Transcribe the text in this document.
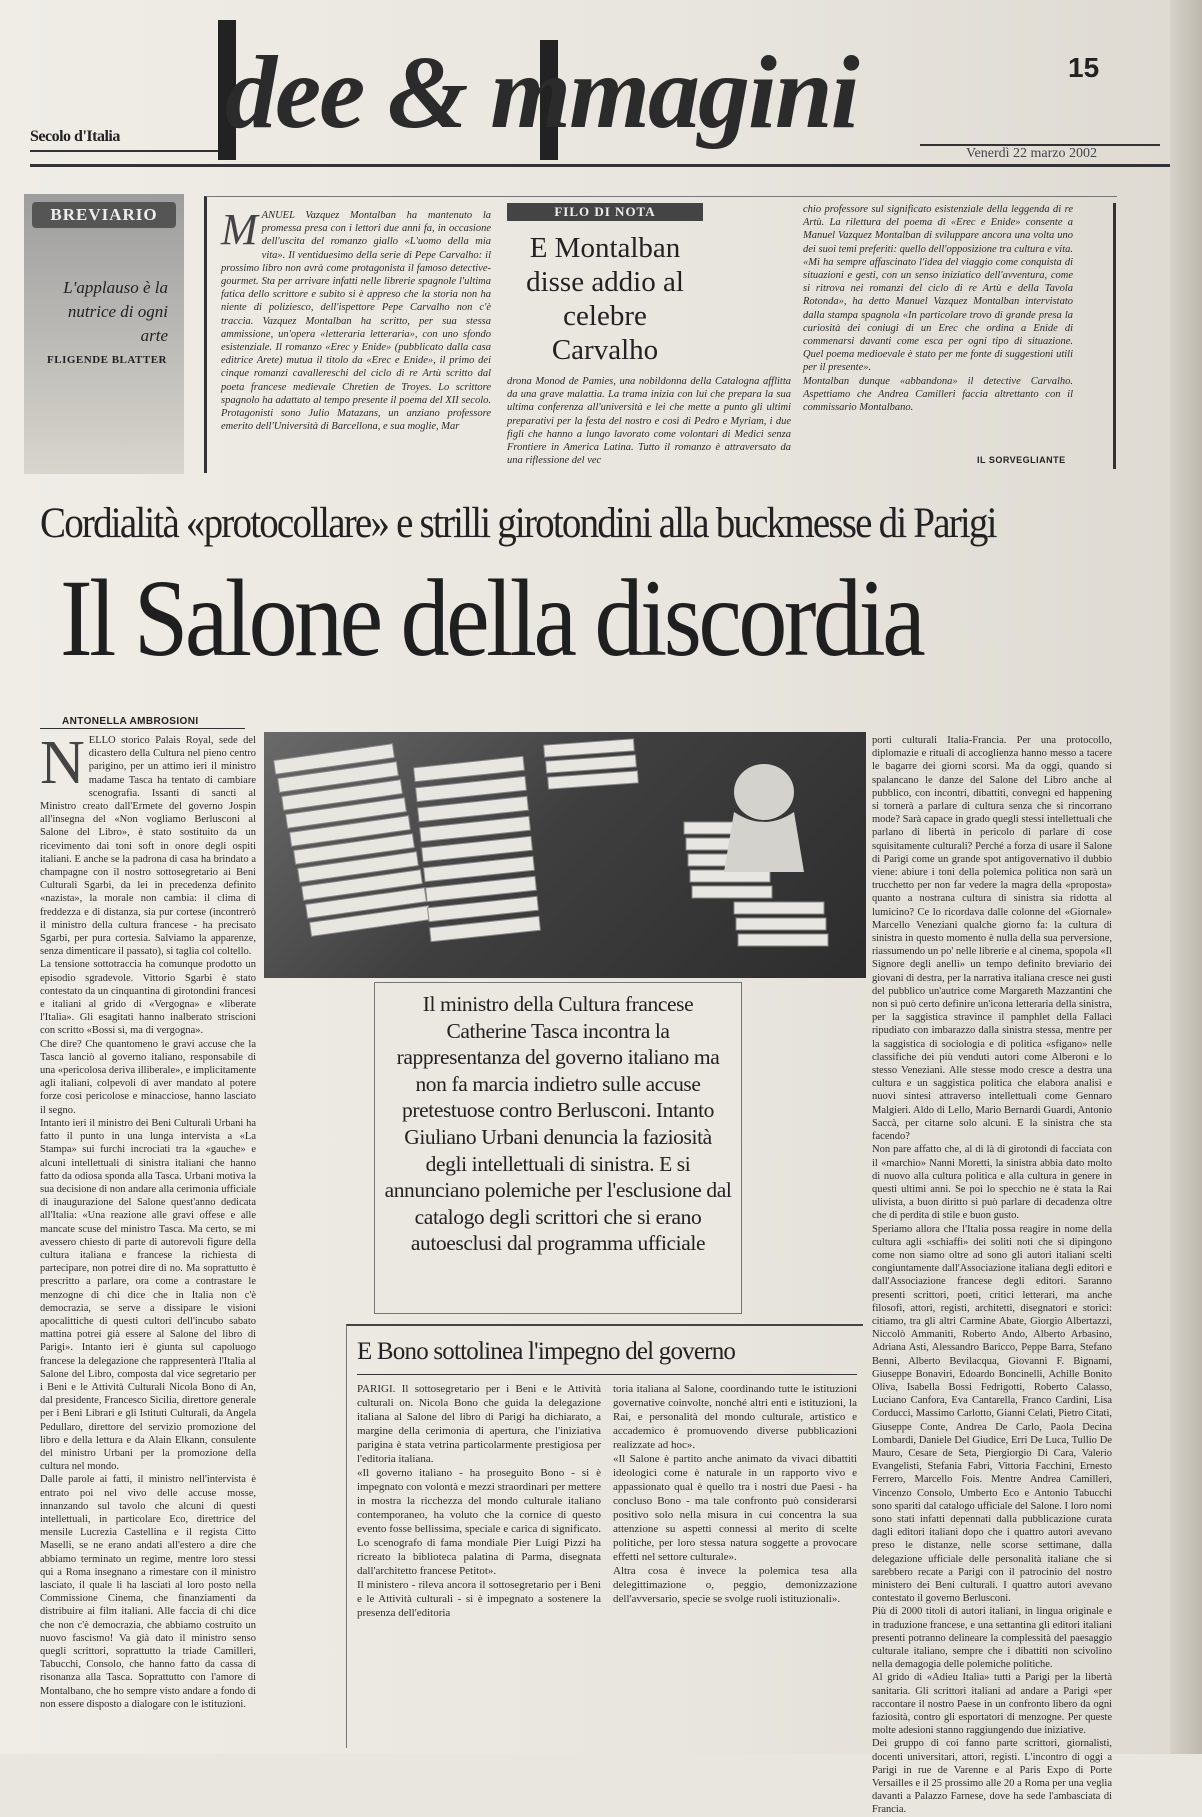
Secolo d'Italia dee & mmagini	15
Venerdì 22 marzo 2002
BREVIARIO
L'applauso è la nutrice di ogni arte
FLIGENDE BLATTER
M ANUEL Vazquez Montalban ha mantenuto la promessa presa con i lettori due anni fa, in occasione dell'uscita del romanzo giallo «L'uomo della mia vita». Il ventiduesimo della serie di Pepe Carvalho: il prossimo libro non avrà come protagonista il famoso detective-gourmet. Sta per arrivare infatti nelle librerie spagnole l'ultima fatica dello scrittore e subito si è appreso che la storia non ha niente di poliziesco, dell'ispettore Pepe Carvalho non c'è traccia. Vazquez Montalban ha scritto, per sua stessa ammissione, un'opera «letteraria letteraria», con uno sfondo esistenziale. Il romanzo «Erec y Enide» (pubblicato dalla casa editrice Arete) mutua il titolo da «Erec e Enide», il primo dei cinque romanzi cavallereschi del ciclo di re Artù scritto dal poeta francese medievale Chretien de Troyes. Lo scrittore spagnolo ha adattato al tempo presente il poema del XII secolo. Protagonisti sono Julio Matazans, un anziano professore emerito dell'Università di Barcellona, e sua moglie, Mar
FILO DI NOTA
E Montalban disse addio al celebre Carvalho
drona Monod de Pamies, una nobildonna della Catalogna afflitta da una grave malattia. La trama inizia con lui che prepara la sua ultima conferenza all'università e lei che mette a punto gli ultimi preparativi per la festa del nostro e così di Pedro e Myriam, i due figli che hanno a lungo lavorato come volontari di Medici senza Frontiere in America Latina. Tutto il romanzo è attraversato da una riflessione del vec
chio professore sul significato esistenziale della leggenda di re Artù. La rilettura del poema di «Erec e Enide» consente a Manuel Vazquez Montalban di sviluppare ancora una volta uno dei suoi temi preferiti: quello dell'opposizione tra cultura e vita. «Mi ha sempre affascinato l'idea del viaggio come conquista di situazioni e gesti, con un senso iniziatico dell'avventura, come si ritrova nei romanzi del ciclo di re Artù e della Tavola Rotonda», ha detto Manuel Vazquez Montalban intervistato dalla stampa spagnola «In particolare trovo di grande presa la curiosità dei coniugi di un Erec che ordina a Enide di commenarsi davanti come esca per ogni tipo di situazione. Quel poema medioevale è stato per me fonte di suggestioni utili per il presente».
Montalban dunque «abbandona» il detective Carvalho. Aspettiamo che Andrea Camilleri faccia altrettanto con il commissario Montalbano.
IL SORVEGLIANTE
Cordialità «protocollare» e strilli girotondini alla buckmesse di Parigi
Il Salone della discordia
ANTONELLA AMBROSIONI
N ELLO storico Palais Royal, sede del dicastero della Cultura nel pieno centro parigino, per un attimo ieri il ministro madame Tasca ha tentato di cambiare scenografia. Issanti di sancti al Ministro creato dall'Ermete del governo Jospin all'insegna del «Non vogliamo Berlusconi al Salone del Libro», è stato sostituito da un ricevimento dai toni soft in onore degli ospiti italiani. E anche se la padrona di casa ha brindato a champagne con il nostro sottosegretario ai Beni Culturali Sgarbi, da lei in precedenza definito «nazista», la morale non cambia: il clima di freddezza e di distanza, sia pur cortese (incontrerò il ministro della cultura francese - ha precisato Sgarbi, per pura cortesia. Salviamo la apparenze, senza dimenticare il passato), si taglia col coltello.
La tensione sottotraccia ha comunque prodotto un episodio sgradevole. Vittorio Sgarbi è stato contestato da un cinquantina di girotondini francesi e italiani al grido di «Vergogna» e «liberate l'Italia». Gli esagitati hanno inalberato striscioni con scritto «Bossi sì, ma di vergogna».
Che dire? Che quantomeno le gravi accuse che la Tasca lanciò al governo italiano, responsabile di una «pericolosa deriva illiberale», e implicitamente agli italiani, colpevoli di aver mandato al potere forze così pericolose e minacciose, hanno lasciato il segno.
Intanto ieri il ministro dei Beni Culturali Urbani ha fatto il punto in una lunga intervista a «La Stampa» sui furchi incrociati tra la «gauche» e alcuni intellettuali di sinistra italiani che hanno fatto da odiosa sponda alla Tasca. Urbani motiva la sua decisione di non andare alla cerimonia ufficiale di inaugurazione del Salone quest'anno dedicata all'Italia: «Una reazione alle gravi offese e alle mancate scuse del ministro Tasca. Ma certo, se mi avessero chiesto di parte di autorevoli figure della cultura italiana e francese la richiesta di partecipare, non potrei dire di no. Ma soprattutto è prescritto a parlare, ora come a contrastare le menzogne di chi dice che in Italia non c'è democrazia, se serve a dissipare le visioni apocalittiche di questi cultori dell'incubo sabato mattina potrei già essere al Salone del libro di Parigi». Intanto ieri è giunta sul capoluogo francese la delegazione che rappresenterà l'Italia al Salone del Libro, composta dal vice segretario per i Beni e le Attività Culturali Nicola Bono di An, dal presidente, Francesco Sicilia, direttore generale per i Beni Librari e gli Istituti Culturali, da Angela Pedullaro, direttore del servizio promozione del libro e della lettura e da Alain Elkann, consulente del ministro Urbani per la promozione della cultura nel mondo.
Dalle parole ai fatti, il ministro nell'intervista è entrato poi nel vivo delle accuse mosse, innanzando sul tavolo che alcuni di questi intellettuali, in particolare Eco, direttrice del mensile Lucrezia Castellina e il regista Citto Maselli, se ne erano andati all'estero a dire che abbiamo terminato un regime, mentre loro stessi qui a Roma insegnano a rimestare con il ministro lasciato, il quale li ha lasciati al loro posto nella Commissione Cinema, che finanziamenti da distribuire ai film italiani. Alle faccia di chi dice che non c'è democrazia, che abbiamo costruito un nuovo fascismo! Va già dato il ministro senso quegli scrittori, soprattutto la triade Camilleri, Tabucchi, Consolo, che hanno fatto da cassa di risonanza alla Tasca. Soprattutto con l'amore di Montalbano, che ho sempre visto andare a fondo di non essere disposto a dialogare con le istituzioni.
Il ministro della Cultura francese Catherine Tasca incontra la rappresentanza del governo italiano ma non fa marcia indietro sulle accuse pretestuose contro Berlusconi. Intanto Giuliano Urbani denuncia la faziosità degli intellettuali di sinistra. E si annunciano polemiche per l'esclusione dal catalogo degli scrittori che si erano autoesclusi dal programma ufficiale
porti culturali Italia-Francia. Per una protocollo, diplomazie e rituali di accoglienza hanno messo a tacere le bagarre dei giorni scorsi. Ma da oggi, quando si spalancano le danze del Salone del Libro anche al pubblico, con incontri, dibattiti, convegni ed happening si tornerà a parlare di cultura senza che si rincorrano mode? Sarà capace in grado quegli stessi intellettuali che parlano di libertà in pericolo di parlare di cose squisitamente culturali? Perché a forza di usare il Salone di Parigi come un grande spot antigovernativo il dubbio viene: abiure i toni della polemica politica non sarà un trucchetto per non far vedere la magra della «proposta» quanto a nostrana cultura di sinistra sia ridotta al lumicino? Ce lo ricordava dalle colonne del «Giornale» Marcello Veneziani qualche giorno fa: la cultura di sinistra in questo momento è nulla della sua perversione, riassumendo un po' nelle librerie e al cinema, spopola «Il Signore degli anelli» un tempo definito breviario dei giovani di destra, per la narrativa italiana cresce nei gusti del pubblico un'autrice come Margareth Mazzantini che non si può certo definire un'icona letteraria della sinistra, per la saggistica stravince il pamphlet della Fallaci ripudiato con imbarazzo dalla sinistra stessa, mentre per la saggistica di sociologia e di politica «sfigano» nelle classifiche dei più venduti autori come Alberoni e lo stesso Veneziani. Alle stesse modo cresce a destra una cultura e un saggistica politica che elabora analisi e nuovi sintesi attraverso intellettuali come Gennaro Malgieri. Aldo di Lello, Mario Bernardi Guardi, Antonio Saccà, per citarne solo alcuni. E la sinistra che sta facendo?
Non pare affatto che, al di là di girotondi di facciata con il «marchio» Nanni Moretti, la sinistra abbia dato molto di nuovo alla cultura politica e alla cultura in genere in questi ultimi anni. Se poi lo specchio ne è stata la Rai ulivista, a buon diritto si può parlare di decadenza oltre che di perdita di stile e buon gusto.
Speriamo allora che l'Italia possa reagire in nome della cultura agli «schiaffi» dei soliti noti che si dipingono come non siamo oltre ad sono gli autori italiani scelti congiuntamente dall'Associazione italiana degli editori e dall'Associazione francese degli editori. Saranno presenti scrittori, poeti, critici letterari, ma anche filosofi, attori, registi, architetti, disegnatori e storici: citiamo, tra gli altri Carmine Abate, Giorgio Albertazzi, Niccolò Ammaniti, Roberto Ando, Alberto Arbasino, Adriana Asti, Alessandro Baricco, Peppe Barra, Stefano Benni, Alberto Bevilacqua, Giovanni F. Bignami, Giuseppe Bonaviri, Edoardo Boncinelli, Achille Bonito Oliva, Isabella Bossi Fedrigotti, Roberto Calasso, Luciano Canfora, Eva Cantarella, Franco Cardini, Lisa Corducci, Massimo Carlotto, Gianni Celati, Pietro Citati, Giuseppe Conte, Andrea De Carlo, Paola Decina Lombardi, Daniele Del Giudice, Erri De Luca, Tullio De Mauro, Cesare de Seta, Piergiorgio Di Cara, Valerio Evangelisti, Stefania Fabri, Vittoria Facchini, Ernesto Ferrero, Marcello Fois. Mentre Andrea Camilleri, Vincenzo Consolo, Umberto Eco e Antonio Tabucchi sono spariti dal catalogo ufficiale del Salone. I loro nomi sono stati infatti depennati dalla pubblicazione curata dagli editori italiani dopo che i quattro autori avevano preso le distanze, nelle scorse settimane, dalla delegazione ufficiale delle personalità italiane che si sarebbero recate a Parigi con il patrocinio del nostro ministero dei Beni culturali. I quattro autori avevano contestato il governo Berlusconi.
Più di 2000 titoli di autori italiani, in lingua originale e in traduzione francese, e una settantina gli editori italiani presenti potranno delineare la complessità del paesaggio culturale italiano, sempre che i dibattiti non scivolino nella demagogia delle polemiche politiche.
Al grido di «Adieu Italia» tutti a Parigi per la libertà sanitaria. Gli scrittori italiani ad andare a Parigi «per raccontare il nostro Paese in un confronto libero da ogni faziosità, contro gli esportatori di menzogne. Per queste molte adesioni stanno raggiungendo due iniziative.
Dei gruppo di coi fanno parte scrittori, giornalisti, docenti universitari, attori, registi. L'incontro di oggi a Parigi in rue de Varenne e al Paris Expo di Porte Versailles e il 25 prossimo alle 20 a Roma per una veglia davanti a Palazzo Farnese, dove ha sede l'ambasciata di Francia.
E Bono sottolinea l'impegno del governo
PARIGI. Il sottosegretario per i Beni e le Attività culturali on. Nicola Bono che guida la delegazione italiana al Salone del libro di Parigi ha dichiarato, a margine della cerimonia di apertura, che l'iniziativa parigina è stata vetrina particolarmente prestigiosa per l'editoria italiana.
«Il governo italiano - ha proseguito Bono - si è impegnato con volontà e mezzi straordinari per mettere in mostra la ricchezza del mondo culturale italiano contemporaneo, ha voluto che la cornice di questo evento fosse bellissima, speciale e carica di significato. Lo scenografo di fama mondiale Pier Luigi Pizzi ha ricreato la biblioteca palatina di Parma, disegnata dall'architetto francese Petitot».
Il ministero - rileva ancora il sottosegretario per i Beni e le Attività culturali - si è impegnato a sostenere la presenza dell'editoria
toria italiana al Salone, coordinando tutte le istituzioni governative coinvolte, nonché altri enti e istituzioni, la Rai, e personalità del mondo culturale, artistico e accademico è promuovendo diverse pubblicazioni realizzate ad hoc».
«Il Salone è partito anche animato da vivaci dibattiti ideologici come è naturale in un rapporto vivo e appassionato qual è quello tra i nostri due Paesi - ha concluso Bono - ma tale confronto può considerarsi positivo solo nella misura in cui concentra la sua attenzione su aspetti connessi al merito di scelte politiche, per loro stessa natura soggette a provocare effetti nel settore culturale».
Altra cosa è invece la polemica tesa alla delegittimazione o, peggio, demonizzazione dell'avversario, specie se svolge ruoli istituzionali».
